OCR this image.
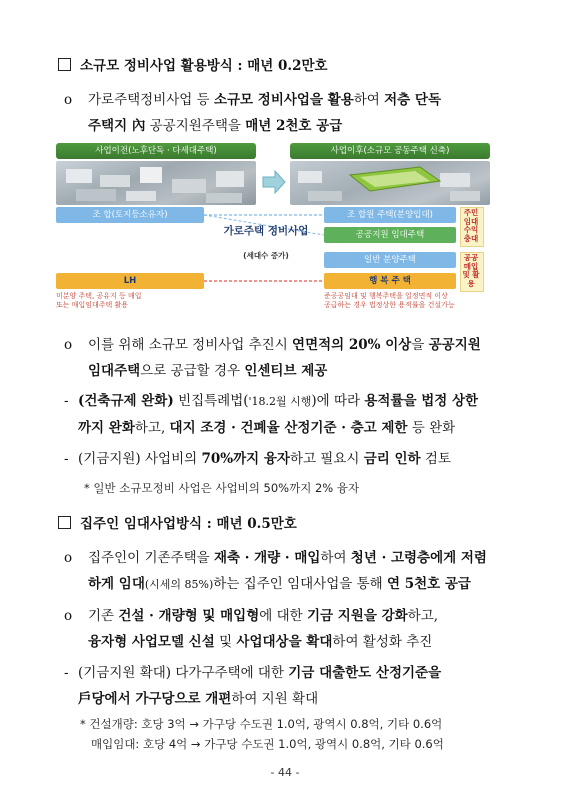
소규모 정비사업 활용방식 : 매년 0.2만호
ο 가로주택정비사업 등 소규모 정비사업을 활용하여 저층 단독
주택지 內 공공지원주택을 매년 2천호 공급
사업이전(노후단독 · 다세대주택)	사업이후(소규모 공동주택 신축)
조 합(토지등소유자)	조 합원 주택(분양입대)
공공지원 임대주택
일반 분양주택
LH	행 복 주 택
가로주택 정비사업
(세대수 증가)
주민 임대 수익 충대
공공 매입 및 활용
미분양 주택, 공유지 등 매입
또는 매입임대주택 활용
준공공임대 및 행복주택을 일정면적 이상
공급하는 경우 법정상한 용적률을 건설가능
ο 이를 위해 소규모 정비사업 추진시 연면적의 20% 이상을 공공지원
임대주택으로 공급할 경우 인센티브 제공
- (건축규제 완화) 빈집특례법('18.2월 시행)에 따라 용적률을 법정 상한
까지 완화하고, 대지 조경 · 건폐율 산정기준 · 층고 제한 등 완화
- (기금지원) 사업비의 70%까지 융자하고 필요시 금리 인하 검토
* 일반 소규모정비 사업은 사업비의 50%까지 2% 융자
집주인 임대사업방식 : 매년 0.5만호
ο 집주인이 기존주택을 재축 · 개량 · 매입하여 청년 · 고령층에게 저렴
하게 임대(시세의 85%)하는 집주인 임대사업을 통해 연 5천호 공급
ο 기존 건설 · 개량형 및 매입형에 대한 기금 지원을 강화하고,
융자형 사업모델 신설 및 사업대상을 확대하여 활성화 추진
- (기금지원 확대) 다가구주택에 대한 기금 대출한도 산정기준을
戶당에서 가구당으로 개편하여 지원 확대
* 건설개량: 호당 3억 → 가구당 수도권 1.0억, 광역시 0.8억, 기타 0.6억
매입임대: 호당 4억 → 가구당 수도권 1.0억, 광역시 0.8억, 기타 0.6억
- 44 -
